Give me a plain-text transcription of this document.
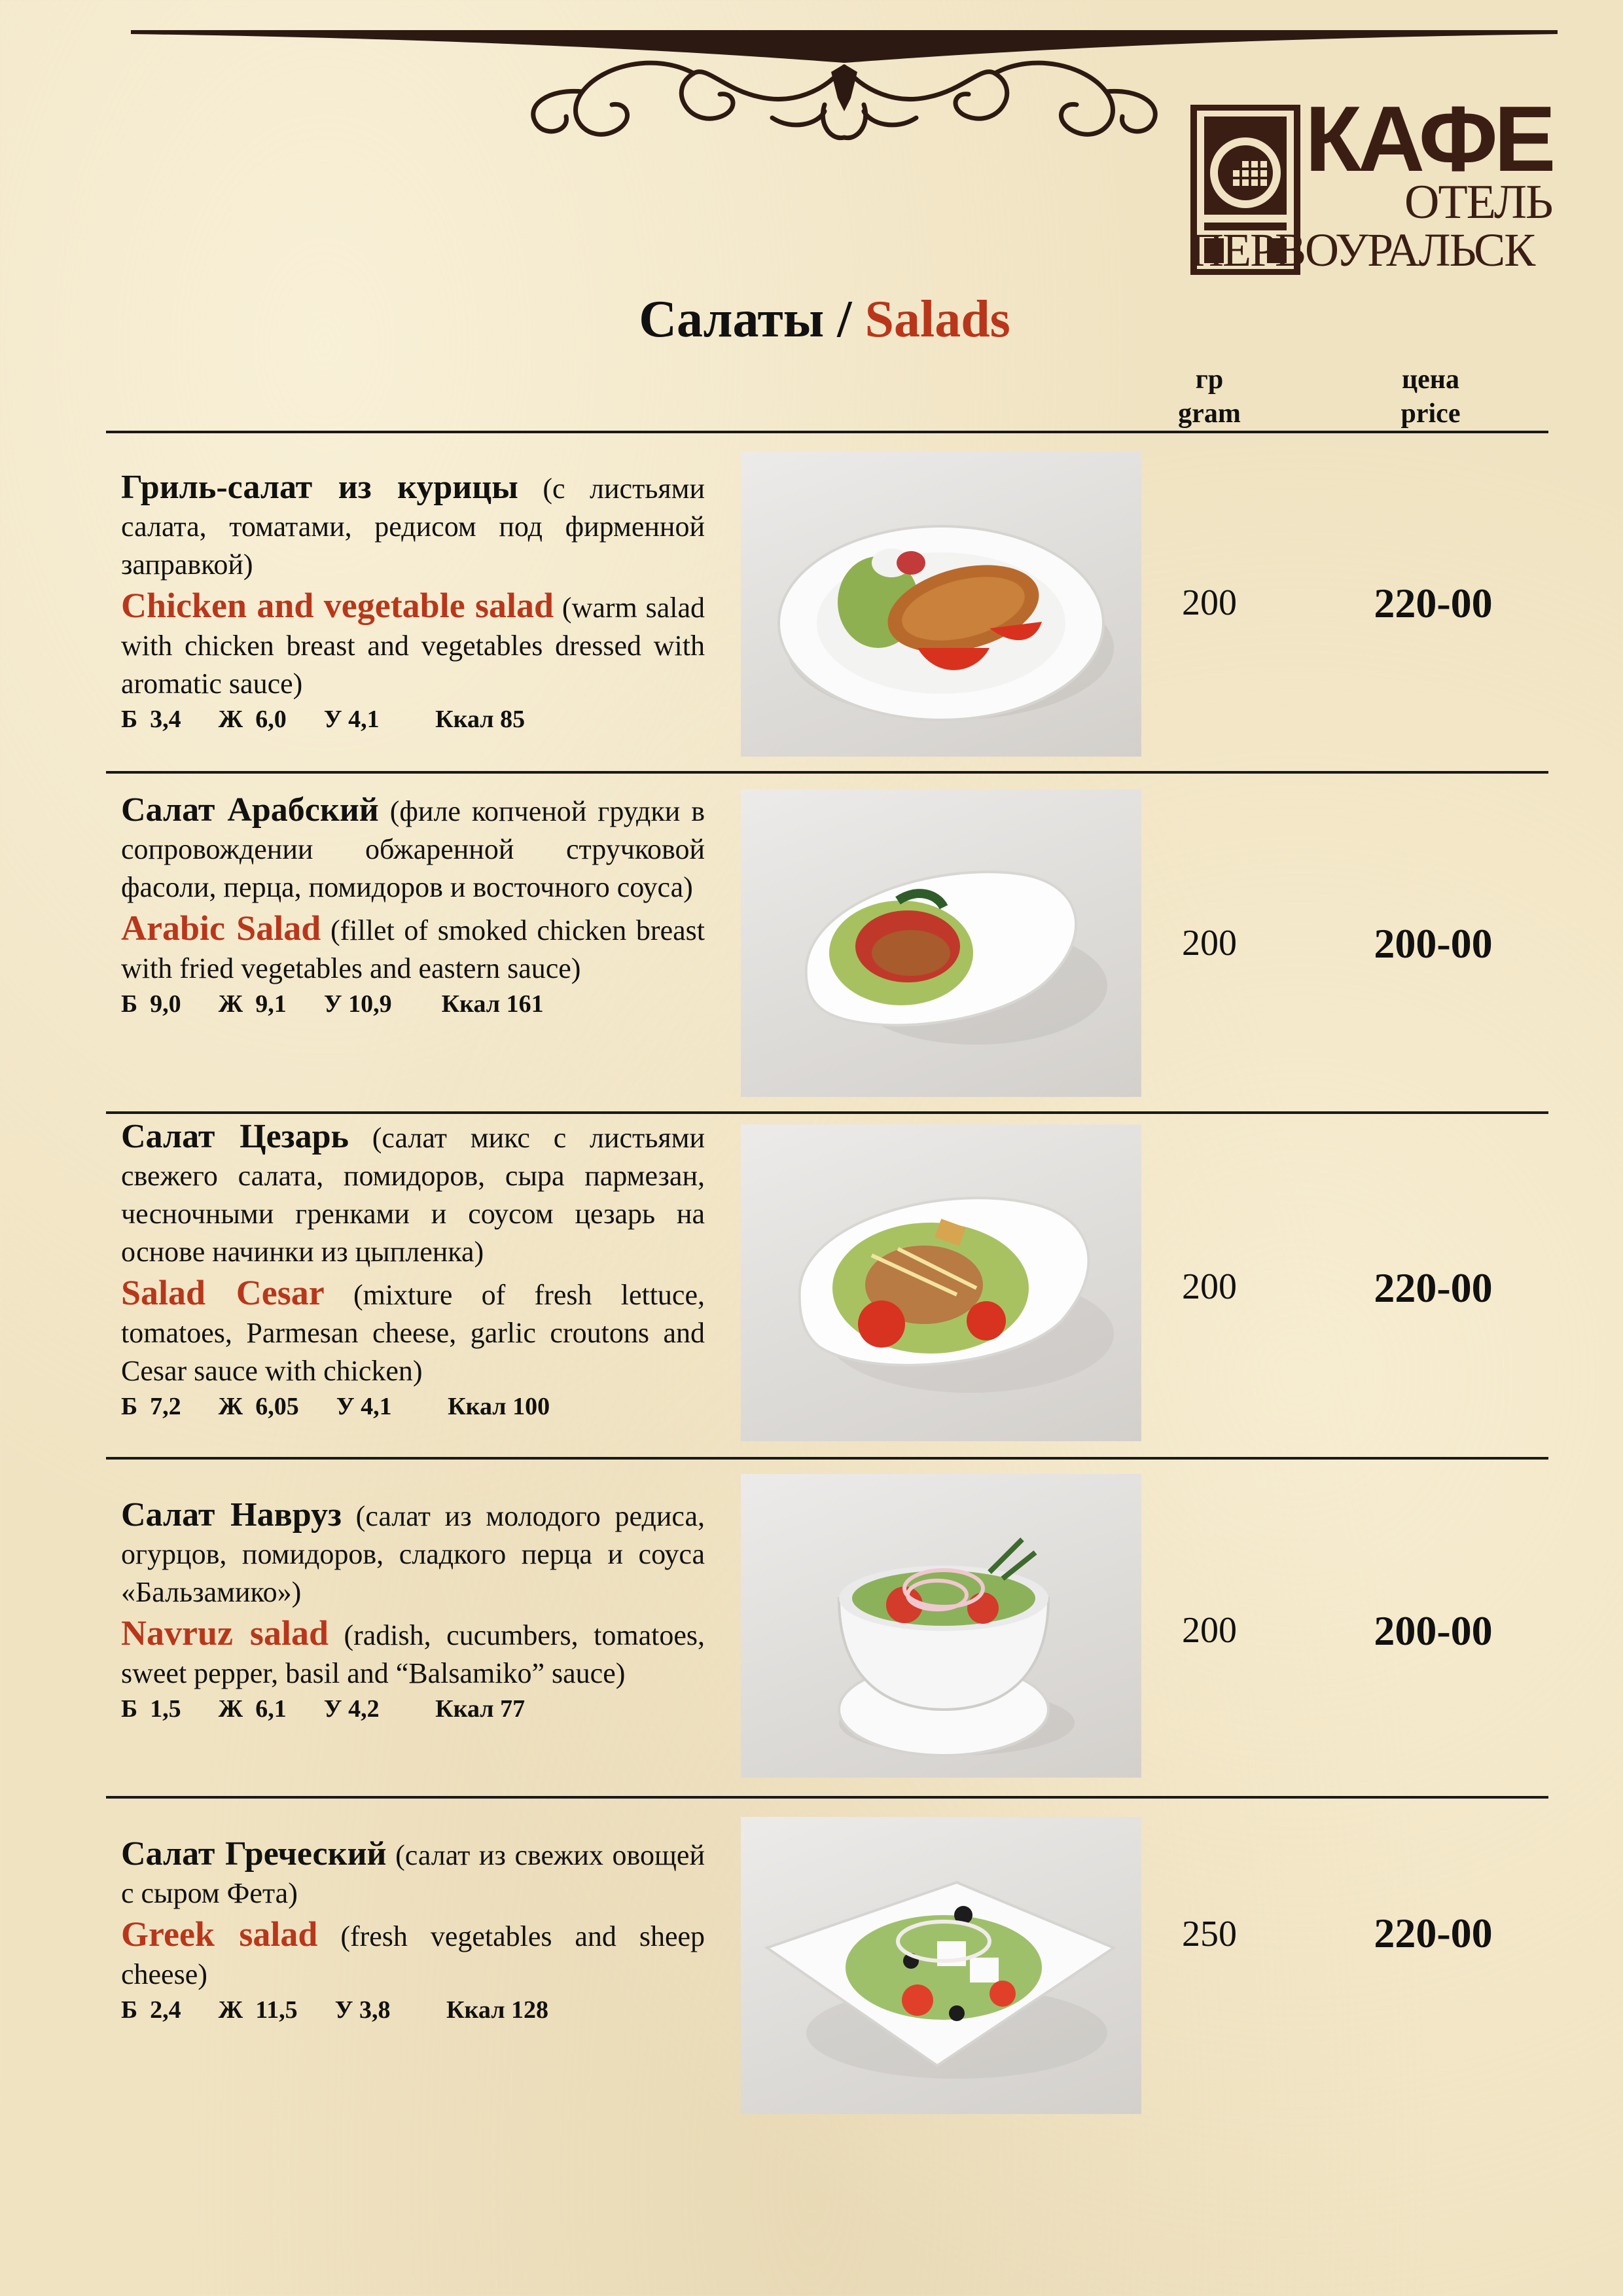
КАФЕ
ОТЕЛЬ
ПЕРВОУРАЛЬСК
Салаты / Salads
гр
gram
цена
price
Гриль-салат из курицы (с листьями салата, томатами, редисом под фирменной заправкой)
Chicken and vegetable salad (warm salad with chicken breast and vegetables dressed with aromatic sauce)
Б  3,4      Ж  6,0      У 4,1         Ккал 85
200	220-00
Салат Арабский (филе копченой грудки в сопровождении обжаренной стручковой фасоли, перца, помидоров и восточного соуса)
Arabic Salad (fillet of smoked chicken breast with fried vegetables and eastern sauce)
Б  9,0      Ж  9,1      У 10,9        Ккал 161
200	200-00
Салат Цезарь (салат микс с листьями свежего салата, помидоров, сыра пармезан, чесночными гренками и соусом цезарь на основе начинки из цыпленка)
Salad Cesar (mixture of fresh lettuce, tomatoes, Parmesan cheese, garlic croutons and Cesar sauce with chicken)
Б  7,2      Ж  6,05      У 4,1         Ккал 100
200	220-00
Салат Навруз (салат из молодого редиса, огурцов, помидоров, сладкого перца и соуса «Бальзамико»)
Navruz salad (radish, cucumbers, tomatoes, sweet pepper, basil and “Balsamiko” sauce)
Б  1,5      Ж  6,1      У 4,2         Ккал 77
200	200-00
Салат Греческий (салат из свежих овощей с сыром Фета)
Greek salad (fresh vegetables and sheep cheese)
Б  2,4      Ж  11,5      У 3,8         Ккал 128
250	220-00
